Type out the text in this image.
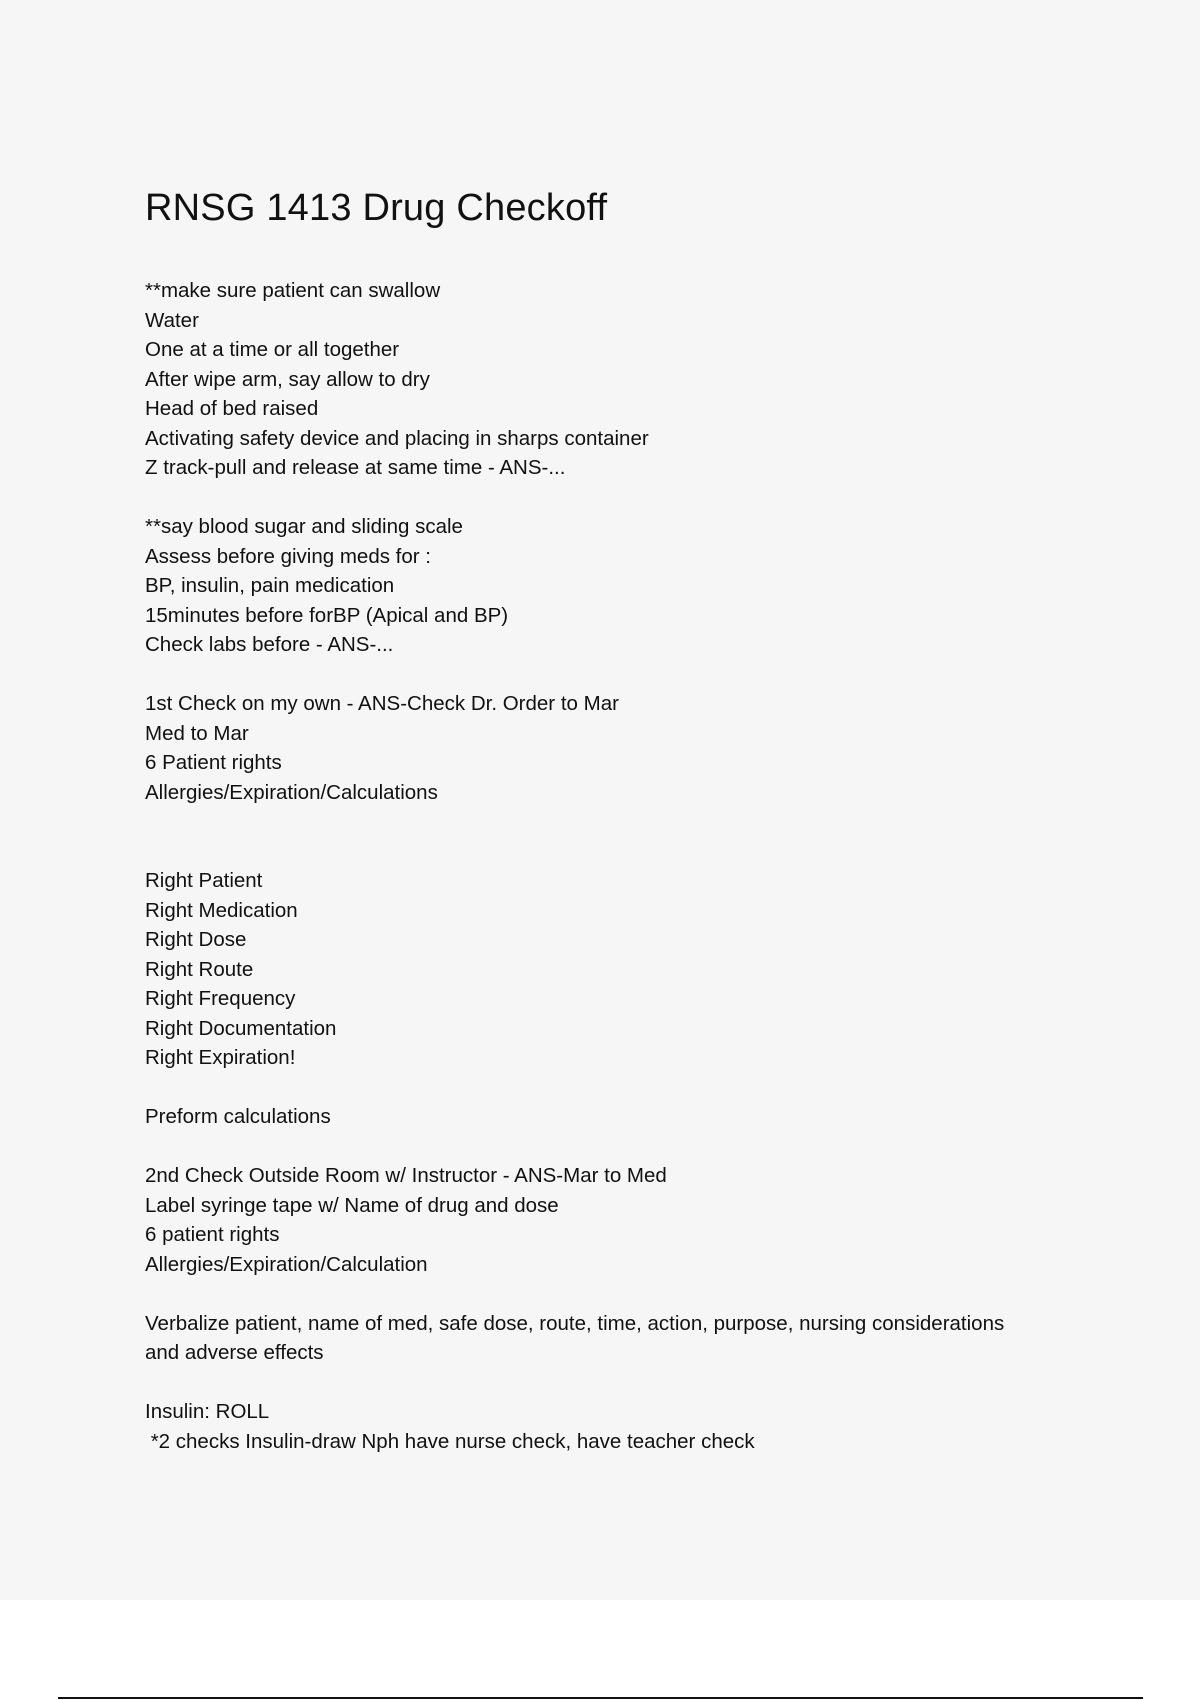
RNSG 1413 Drug Checkoff
**make sure patient can swallow
Water
One at a time or all together
After wipe arm, say allow to dry
Head of bed raised
Activating safety device and placing in sharps container
Z track-pull and release at same time - ANS-...
**say blood sugar and sliding scale
Assess before giving meds for :
BP, insulin, pain medication
15minutes before forBP (Apical and BP)
Check labs before - ANS-...
1st Check on my own - ANS-Check Dr. Order to Mar
Med to Mar
6 Patient rights
Allergies/Expiration/Calculations
Right Patient
Right Medication
Right Dose
Right Route
Right Frequency
Right Documentation
Right Expiration!
Preform calculations
2nd Check Outside Room w/ Instructor - ANS-Mar to Med
Label syringe tape w/ Name of drug and dose
6 patient rights
Allergies/Expiration/Calculation
Verbalize patient, name of med, safe dose, route, time, action, purpose, nursing considerations
and adverse effects
Insulin: ROLL
*2 checks Insulin-draw Nph have nurse check, have teacher check
